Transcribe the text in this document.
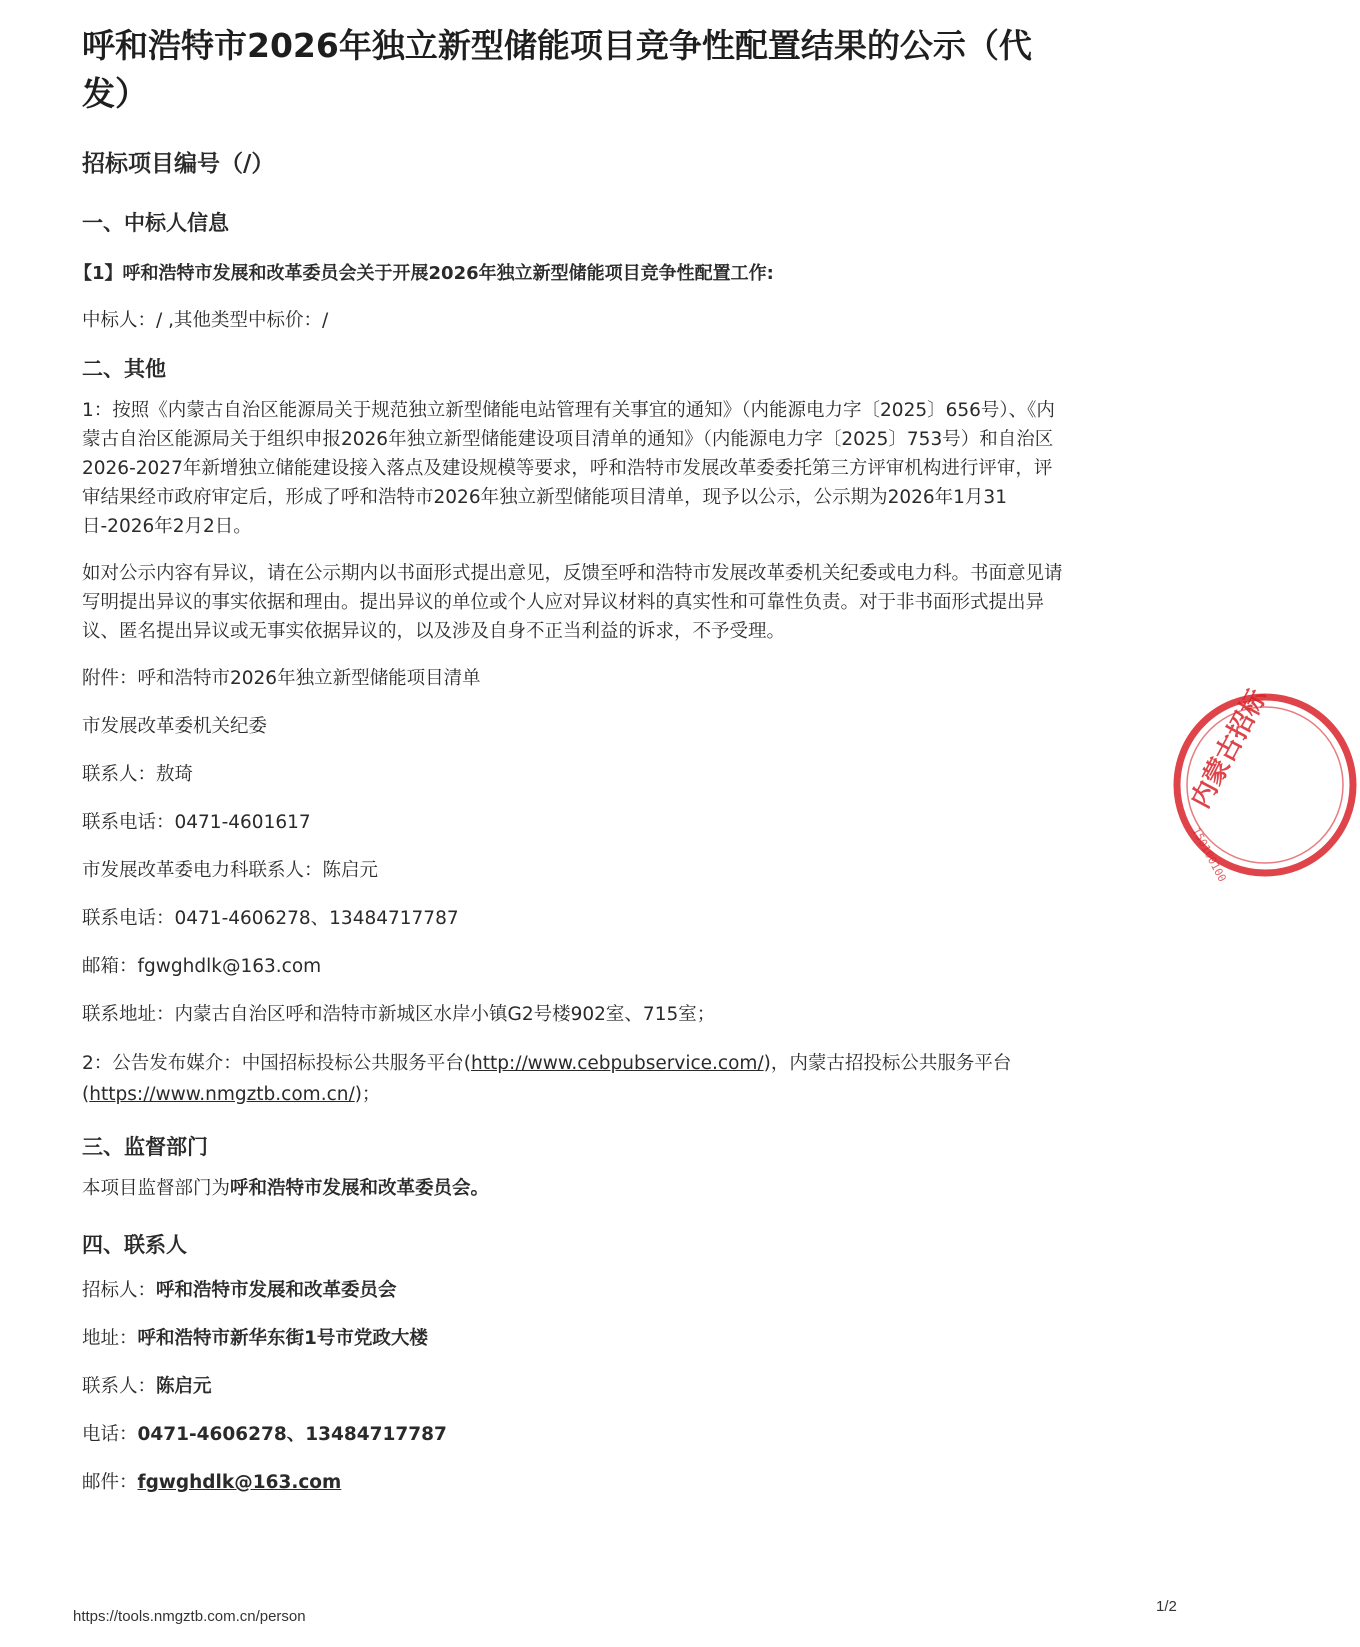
呼和浩特市2026年独立新型储能项目竞争性配置结果的公示（代发）
招标项目编号（/）
一、中标人信息
【1】呼和浩特市发展和改革委员会关于开展2026年独立新型储能项目竞争性配置工作:
中标人：/ ,其他类型中标价：/
二、其他
1：按照《内蒙古自治区能源局关于规范独立新型储能电站管理有关事宜的通知》（内能源电力字〔2025〕656号）、《内蒙古自治区能源局关于组织申报2026年独立新型储能建设项目清单的通知》（内能源电力字〔2025〕753号）和自治区2026-2027年新增独立储能建设接入落点及建设规模等要求，呼和浩特市发展改革委委托第三方评审机构进行评审，评审结果经市政府审定后，形成了呼和浩特市2026年独立新型储能项目清单，现予以公示，公示期为2026年1月31日-2026年2月2日。
如对公示内容有异议，请在公示期内以书面形式提出意见，反馈至呼和浩特市发展改革委机关纪委或电力科。书面意见请写明提出异议的事实依据和理由。提出异议的单位或个人应对异议材料的真实性和可靠性负责。对于非书面形式提出异议、匿名提出异议或无事实依据异议的，以及涉及自身不正当利益的诉求，不予受理。
附件：呼和浩特市2026年独立新型储能项目清单
市发展改革委机关纪委
联系人：敖琦
联系电话：0471-4601617
市发展改革委电力科联系人：陈启元
联系电话：0471-4606278、13484717787
邮箱：fgwghdlk@163.com
联系地址：内蒙古自治区呼和浩特市新城区水岸小镇G2号楼902室、715室；
2：公告发布媒介：中国招标投标公共服务平台(http://www.cebpubservice.com/)，内蒙古招投标公共服务平台(https://www.nmgztb.com.cn/)；
三、监督部门
本项目监督部门为呼和浩特市发展和改革委员会。
四、联系人
招标人：呼和浩特市发展和改革委员会
地址：呼和浩特市新华东街1号市党政大楼
联系人：陈启元
电话：0471-4606278、13484717787
邮件：fgwghdlk@163.com
内蒙古招标
150100100
https://tools.nmgztb.com.cn/person
1/2
